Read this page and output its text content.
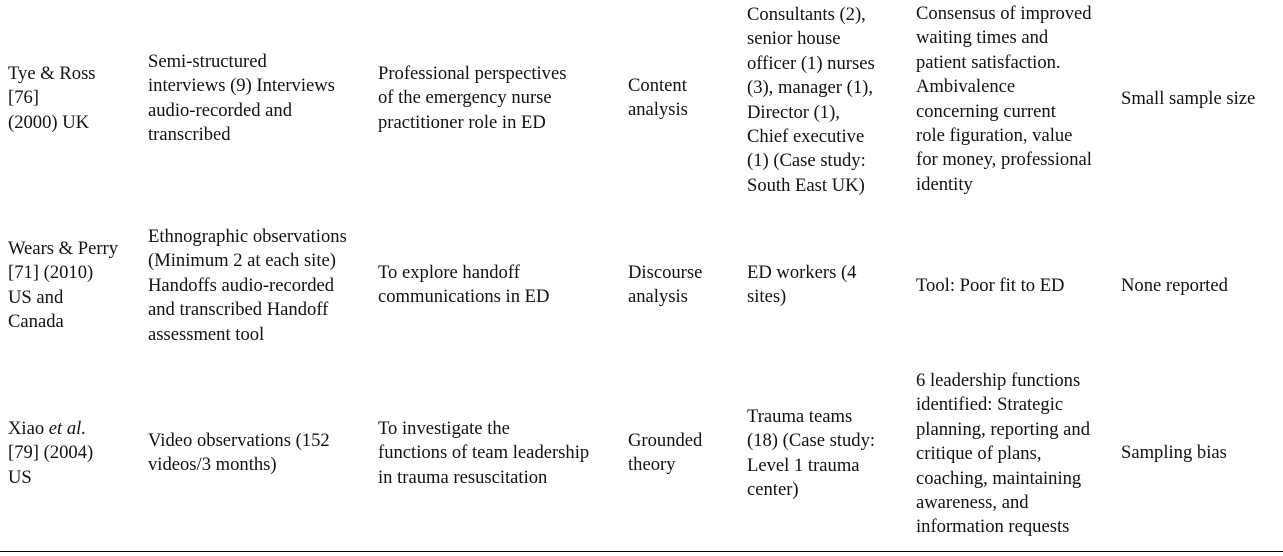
Tye & Ross
[76]
(2000) UK
Semi-structured
interviews (9) Interviews
audio-recorded and
transcribed
Professional perspectives
of the emergency nurse
practitioner role in ED
Content
analysis
Consultants (2),
senior house
officer (1) nurses
(3), manager (1),
Director (1),
Chief executive
(1) (Case study:
South East UK)
Consensus of improved
waiting times and
patient satisfaction.
Ambivalence
concerning current
role figuration, value
for money, professional
identity
Small sample size
Wears & Perry
[71] (2010)
US and
Canada
Ethnographic observations
(Minimum 2 at each site)
Handoffs audio-recorded
and transcribed Handoff
assessment tool
To explore handoff
communications in ED
Discourse
analysis
ED workers (4
sites)
Tool: Poor fit to ED	None reported
Xiao et al.
[79] (2004)
US
Video observations (152
videos/3 months)
To investigate the
functions of team leadership
in trauma resuscitation
Grounded
theory
Trauma teams
(18) (Case study:
Level 1 trauma
center)
6 leadership functions
identified: Strategic
planning, reporting and
critique of plans,
coaching, maintaining
awareness, and
information requests
Sampling bias
